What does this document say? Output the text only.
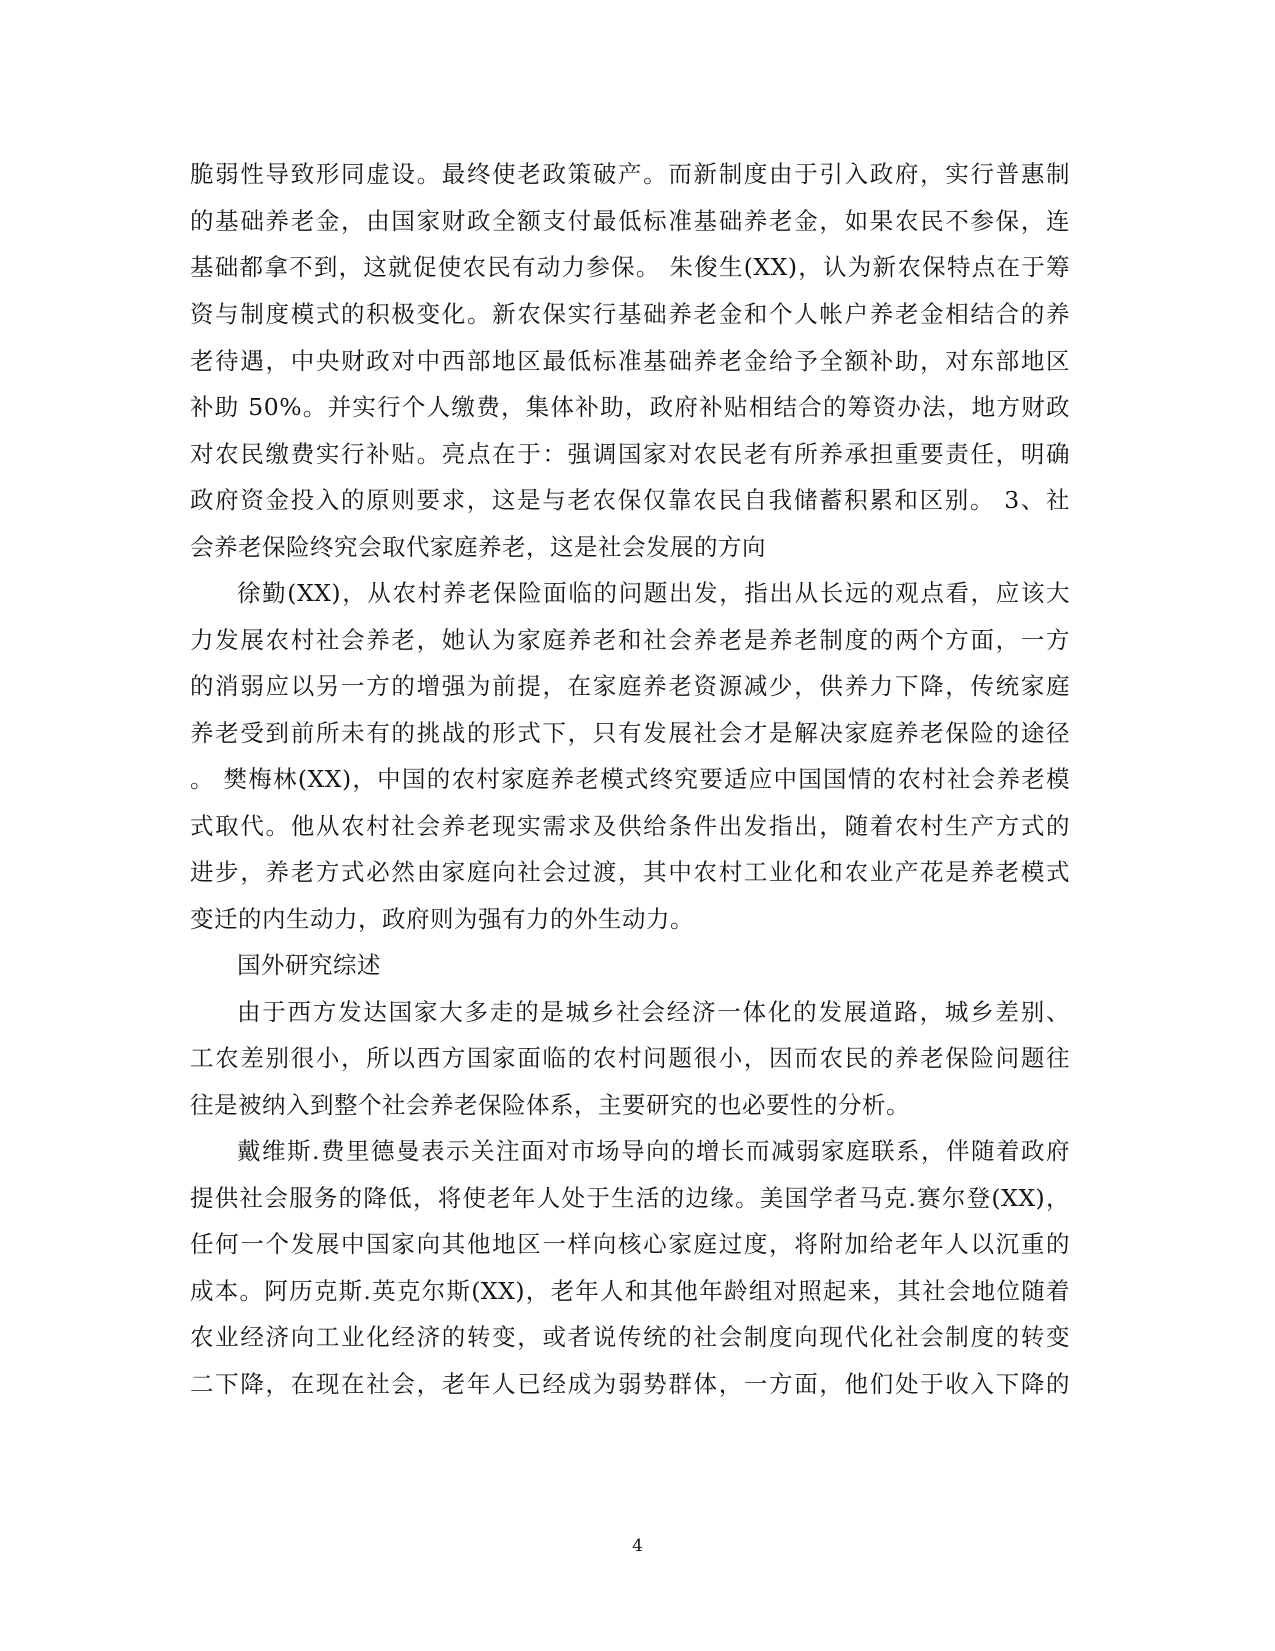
脆弱性导致形同虚设。最终使老政策破产。而新制度由于引入政府，实行普惠制
的基础养老金，由国家财政全额支付最低标准基础养老金，如果农民不参保，连
基础都拿不到，这就促使农民有动力参保。 朱俊生(XX)，认为新农保特点在于筹
资与制度模式的积极变化。新农保实行基础养老金和个人帐户养老金相结合的养
老待遇，中央财政对中西部地区最低标准基础养老金给予全额补助，对东部地区
补助 50%。并实行个人缴费，集体补助，政府补贴相结合的筹资办法，地方财政
对农民缴费实行补贴。亮点在于：强调国家对农民老有所养承担重要责任，明确
政府资金投入的原则要求，这是与老农保仅靠农民自我储蓄积累和区别。 3、社
会养老保险终究会取代家庭养老，这是社会发展的方向
徐勤(XX)，从农村养老保险面临的问题出发，指出从长远的观点看，应该大
力发展农村社会养老，她认为家庭养老和社会养老是养老制度的两个方面，一方
的消弱应以另一方的增强为前提，在家庭养老资源减少，供养力下降，传统家庭
养老受到前所未有的挑战的形式下，只有发展社会才是解决家庭养老保险的途径
。 樊梅林(XX)，中国的农村家庭养老模式终究要适应中国国情的农村社会养老模
式取代。他从农村社会养老现实需求及供给条件出发指出，随着农村生产方式的
进步，养老方式必然由家庭向社会过渡，其中农村工业化和农业产花是养老模式
变迁的内生动力，政府则为强有力的外生动力。
国外研究综述
由于西方发达国家大多走的是城乡社会经济一体化的发展道路，城乡差别、
工农差别很小，所以西方国家面临的农村问题很小，因而农民的养老保险问题往
往是被纳入到整个社会养老保险体系，主要研究的也必要性的分析。
戴维斯.费里德曼表示关注面对市场导向的增长而减弱家庭联系，伴随着政府
提供社会服务的降低，将使老年人处于生活的边缘。美国学者马克.赛尔登(XX)，
任何一个发展中国家向其他地区一样向核心家庭过度，将附加给老年人以沉重的
成本。阿历克斯.英克尔斯(XX)，老年人和其他年龄组对照起来，其社会地位随着
农业经济向工业化经济的转变，或者说传统的社会制度向现代化社会制度的转变
二下降，在现在社会，老年人已经成为弱势群体，一方面，他们处于收入下降的
4
